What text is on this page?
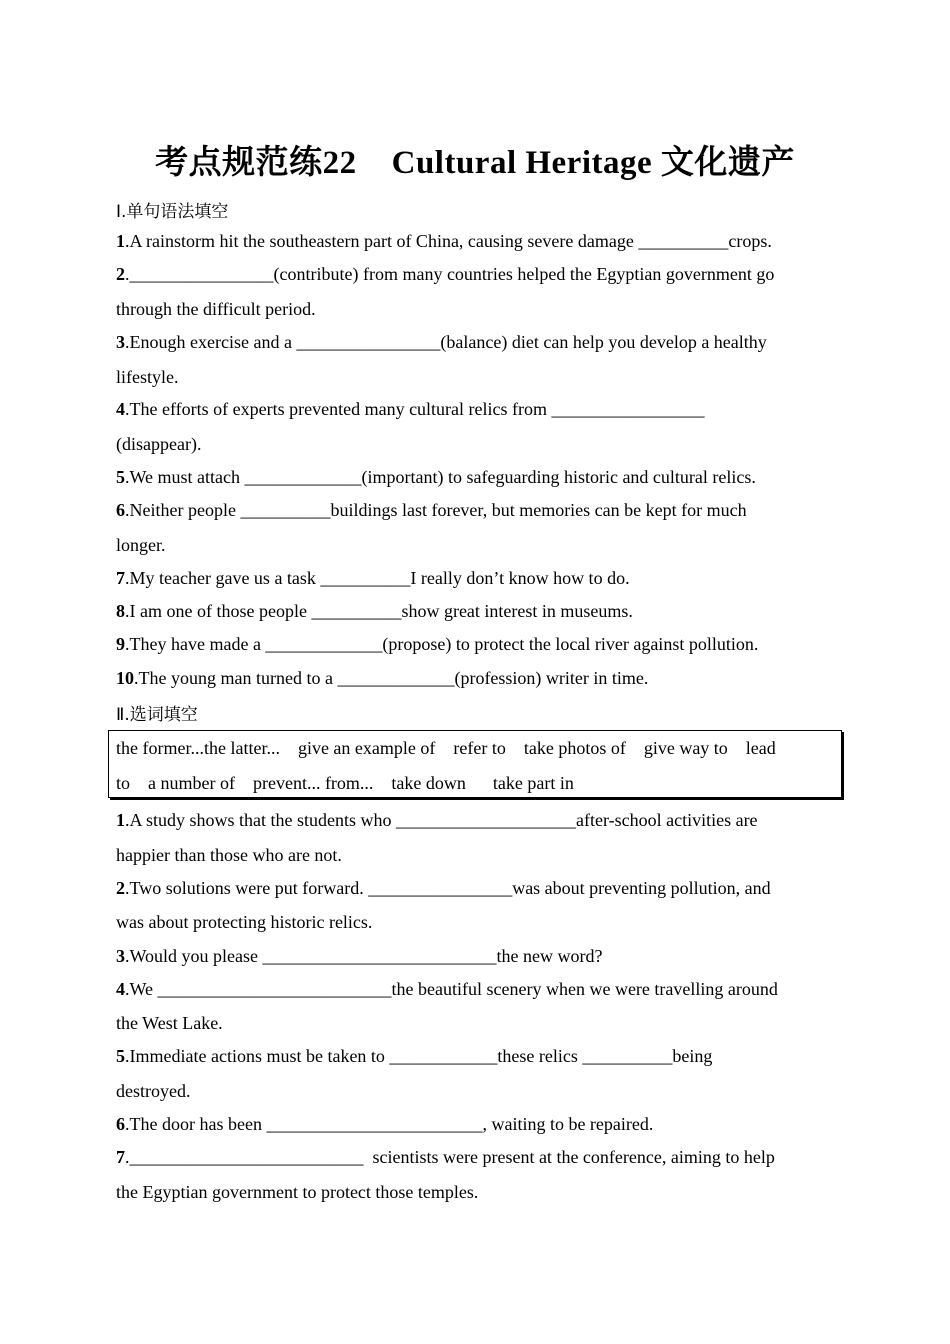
考点规范练22    Cultural Heritage 文化遗产
Ⅰ.单句语法填空
1.A rainstorm hit the southeastern part of China, causing severe damage __________crops.
2.________________(contribute) from many countries helped the Egyptian government go
through the difficult period.
3.Enough exercise and a ________________(balance) diet can help you develop a healthy
lifestyle.
4.The efforts of experts prevented many cultural relics from _________________
(disappear).
5.We must attach _____________(important) to safeguarding historic and cultural relics.
6.Neither people __________buildings last forever, but memories can be kept for much
longer.
7.My teacher gave us a task __________I really don’t know how to do.
8.I am one of those people __________show great interest in museums.
9.They have made a _____________(propose) to protect the local river against pollution.
10.The young man turned to a _____________(profession) writer in time.
Ⅱ.选词填空
the former...the latter...    give an example of    refer to    take photos of    give way to    lead
to    a number of    prevent... from...    take down      take part in
1.A study shows that the students who ____________________after-school activities are
happier than those who are not.
2.Two solutions were put forward. ________________was about preventing pollution, and
was about protecting historic relics.
3.Would you please __________________________the new word?
4.We __________________________the beautiful scenery when we were travelling around
the West Lake.
5.Immediate actions must be taken to ____________these relics __________being
destroyed.
6.The door has been ________________________, waiting to be repaired.
7.__________________________  scientists were present at the conference, aiming to help
the Egyptian government to protect those temples.
